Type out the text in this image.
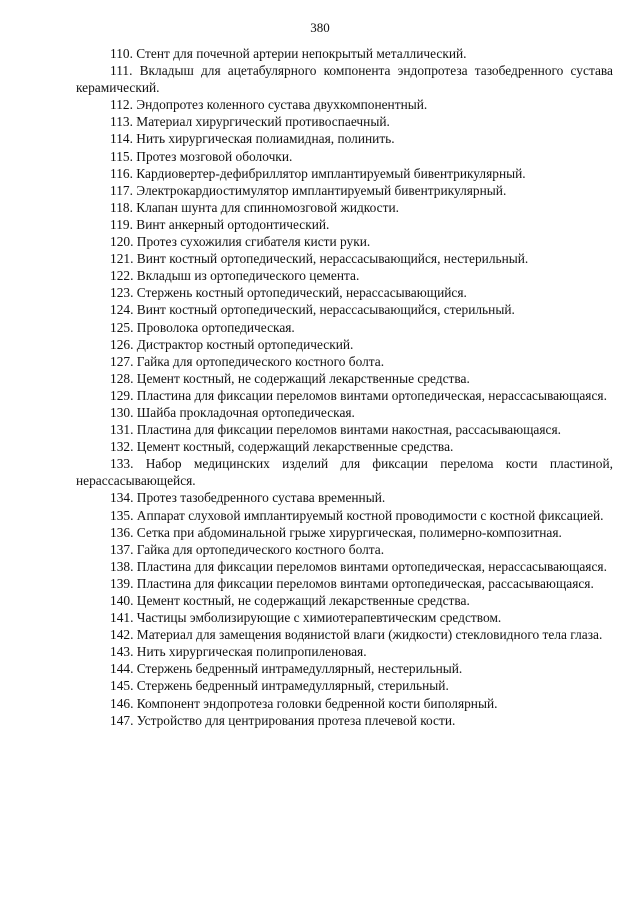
380
110. Стент для почечной артерии непокрытый металлический.
111. Вкладыш для ацетабулярного компонента эндопротеза тазобедренного сустава керамический.
112. Эндопротез коленного сустава двухкомпонентный.
113. Материал хирургический противоспаечный.
114. Нить хирургическая полиамидная, полинить.
115. Протез мозговой оболочки.
116. Кардиовертер-дефибриллятор имплантируемый бивентрикулярный.
117. Электрокардиостимулятор имплантируемый бивентрикулярный.
118. Клапан шунта для спинномозговой жидкости.
119. Винт анкерный ортодонтический.
120. Протез сухожилия сгибателя кисти руки.
121. Винт костный ортопедический, нерассасывающийся, нестерильный.
122. Вкладыш из ортопедического цемента.
123. Стержень костный ортопедический, нерассасывающийся.
124. Винт костный ортопедический, нерассасывающийся, стерильный.
125. Проволока ортопедическая.
126. Дистрактор костный ортопедический.
127. Гайка для ортопедического костного болта.
128. Цемент костный, не содержащий лекарственные средства.
129. Пластина для фиксации переломов винтами ортопедическая, нерассасывающаяся.
130. Шайба прокладочная ортопедическая.
131. Пластина для фиксации переломов винтами накостная, рассасывающаяся.
132. Цемент костный, содержащий лекарственные средства.
133. Набор медицинских изделий для фиксации перелома кости пластиной, нерассасывающейся.
134. Протез тазобедренного сустава временный.
135. Аппарат слуховой имплантируемый костной проводимости с костной фиксацией.
136. Сетка при абдоминальной грыже хирургическая, полимерно-композитная.
137. Гайка для ортопедического костного болта.
138. Пластина для фиксации переломов винтами ортопедическая, нерассасывающаяся.
139. Пластина для фиксации переломов винтами ортопедическая, рассасывающаяся.
140. Цемент костный, не содержащий лекарственные средства.
141. Частицы эмболизирующие с химиотерапевтическим средством.
142. Материал для замещения водянистой влаги (жидкости) стекловидного тела глаза.
143. Нить хирургическая полипропиленовая.
144. Стержень бедренный интрамедуллярный, нестерильный.
145. Стержень бедренный интрамедуллярный, стерильный.
146. Компонент эндопротеза головки бедренной кости биполярный.
147. Устройство для центрирования протеза плечевой кости.
